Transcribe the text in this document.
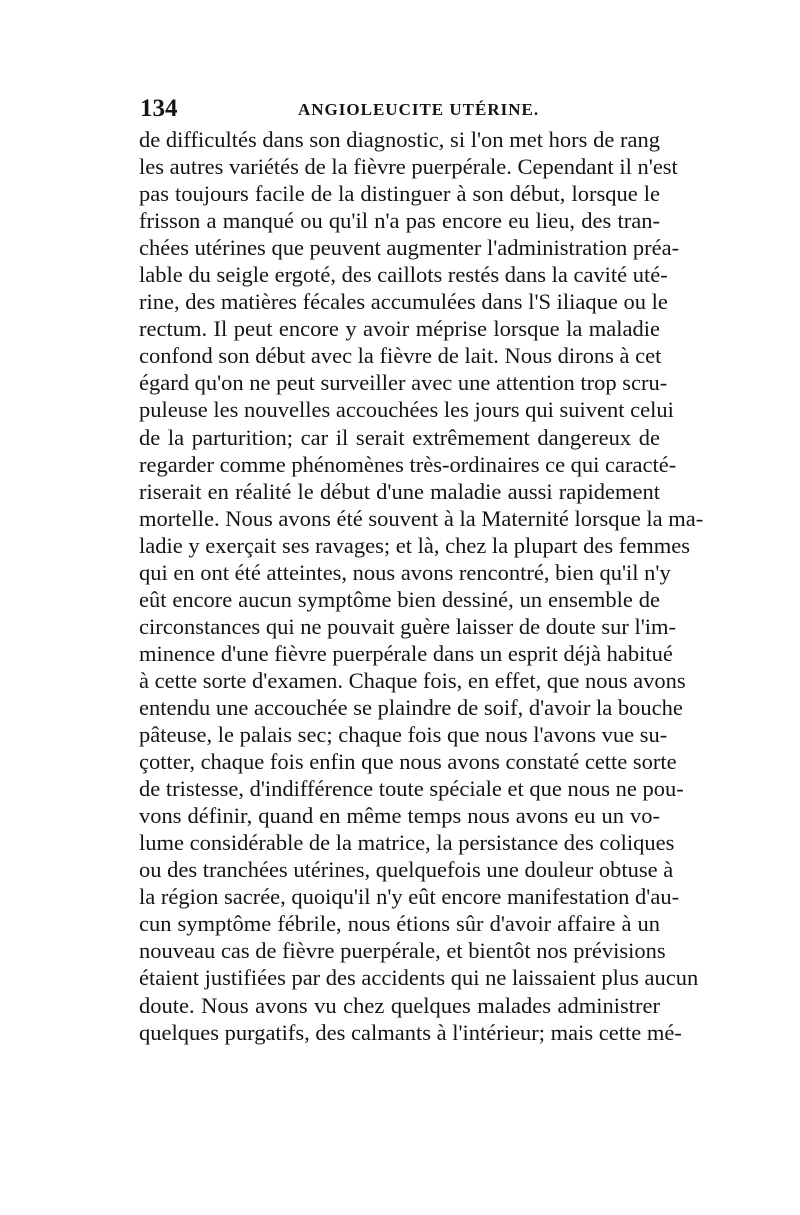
134	ANGIOLEUCITE UTÉRINE.
de difficultés dans son diagnostic, si l'on met hors de rang
les autres variétés de la fièvre puerpérale. Cependant il n'est
pas toujours facile de la distinguer à son début, lorsque le
frisson a manqué ou qu'il n'a pas encore eu lieu, des tran-
chées utérines que peuvent augmenter l'administration préa-
lable du seigle ergoté, des caillots restés dans la cavité uté-
rine, des matières fécales accumulées dans l'S iliaque ou le
rectum. Il peut encore y avoir méprise lorsque la maladie
confond son début avec la fièvre de lait. Nous dirons à cet
égard qu'on ne peut surveiller avec une attention trop scru-
puleuse les nouvelles accouchées les jours qui suivent celui
de la parturition; car il serait extrêmement dangereux de
regarder comme phénomènes très-ordinaires ce qui caracté-
riserait en réalité le début d'une maladie aussi rapidement
mortelle. Nous avons été souvent à la Maternité lorsque la ma-
ladie y exerçait ses ravages; et là, chez la plupart des femmes
qui en ont été atteintes, nous avons rencontré, bien qu'il n'y
eût encore aucun symptôme bien dessiné, un ensemble de
circonstances qui ne pouvait guère laisser de doute sur l'im-
minence d'une fièvre puerpérale dans un esprit déjà habitué
à cette sorte d'examen. Chaque fois, en effet, que nous avons
entendu une accouchée se plaindre de soif, d'avoir la bouche
pâteuse, le palais sec; chaque fois que nous l'avons vue su-
çotter, chaque fois enfin que nous avons constaté cette sorte
de tristesse, d'indifférence toute spéciale et que nous ne pou-
vons définir, quand en même temps nous avons eu un vo-
lume considérable de la matrice, la persistance des coliques
ou des tranchées utérines, quelquefois une douleur obtuse à
la région sacrée, quoiqu'il n'y eût encore manifestation d'au-
cun symptôme fébrile, nous étions sûr d'avoir affaire à un
nouveau cas de fièvre puerpérale, et bientôt nos prévisions
étaient justifiées par des accidents qui ne laissaient plus aucun
doute. Nous avons vu chez quelques malades administrer
quelques purgatifs, des calmants à l'intérieur; mais cette mé-
